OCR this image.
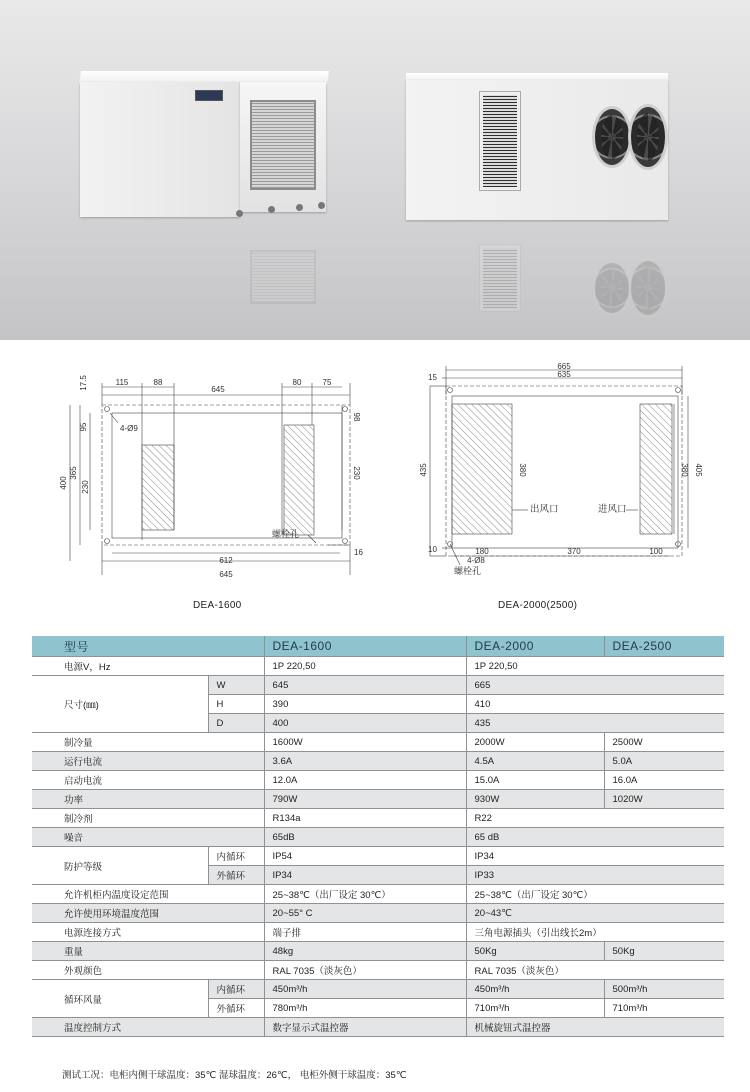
645
115	88	80	75
17.5
4-Ø9
95
365
400 230
230
98
16
612
645
螺栓孔
DEA-1600
665
635
15
435	380	380 405
10	180
4-Ø8
370	100
出风口	进风口
螺栓孔
DEA-2000(2500)
型号		DEA-1600	DEA-2000	DEA-2500
电源V，Hz		1P 220,50	1P 220,50	
尺寸(㎜)	W	645	665	
	H	390	410	
	D	400	435	
制冷量		1600W	2000W	2500W
运行电流		3.6A	4.5A	5.0A
启动电流		12.0A	15.0A	16.0A
功率		790W	930W	1020W
制冷剂		R134a	R22	
噪音		65dB	65 dB	
防护等级	内循环	IP54	IP34	
	外循环	IP34	IP33	
允许机柜内温度设定范围		25~38℃（出厂设定 30℃）	25~38℃（出厂设定 30℃）	
允许使用环境温度范围		20~55° C	20~43℃	
电源连接方式		端子排	三角电源插头（引出线长2m）	
重量		48kg	50Kg	50Kg
外观颜色		RAL 7035（淡灰色）	RAL 7035（淡灰色）	
循环风量	内循环	450m³/h	450m³/h	500m³/h
	外循环	780m³/h	710m³/h	710m³/h
温度控制方式		数字显示式温控器	机械旋钮式温控器	
测试工况：电柜内侧干球温度：35℃ 湿球温度：26℃， 电柜外侧干球温度：35℃
